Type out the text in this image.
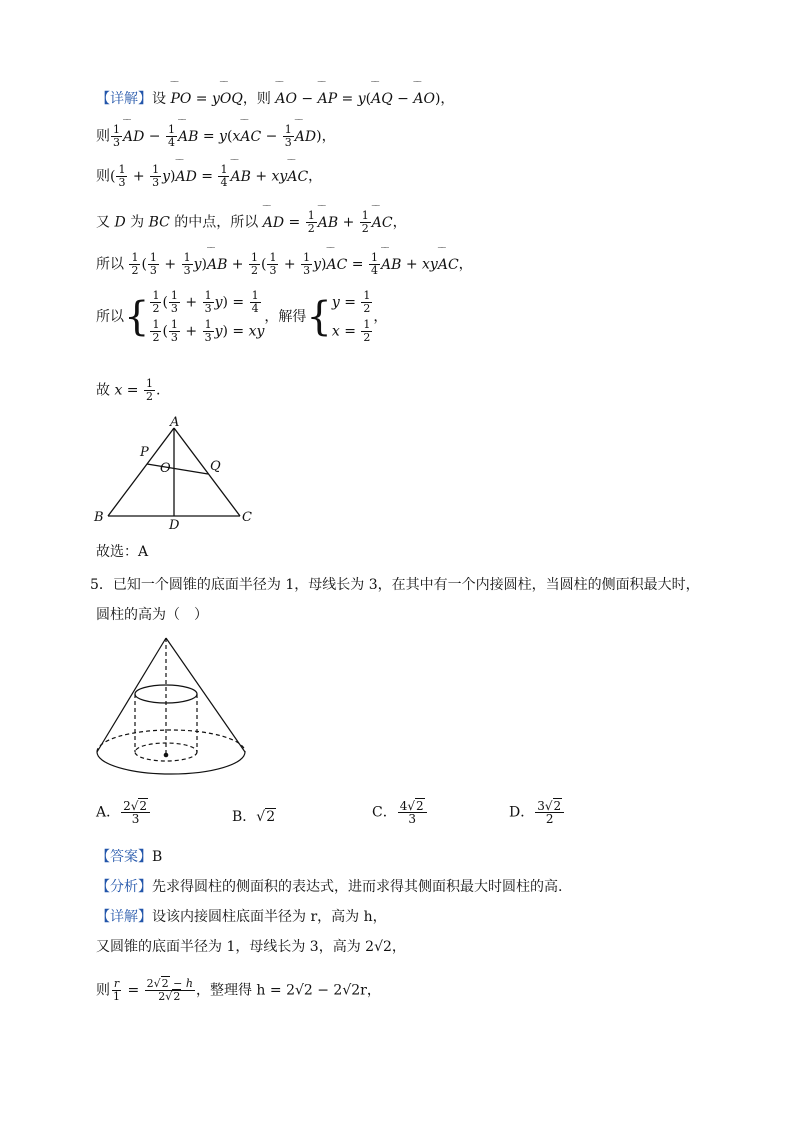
【详解】设 ‾‾ PO = y‾‾ OQ，则 ‾‾ AO − ‾‾ AP = y(‾‾ AQ − ‾‾ AO)，
则 $\frac{1}{3}$ ‾‾ AD − $\frac{1}{4}$ ‾‾ AB = y(x‾‾ AC − $\frac{1}{3}$ ‾‾ AD)，
则( $\frac{1}{3} + \frac{1}{3}$ y)‾‾ AD = $\frac{1}{4}$ ‾‾ AB + xy‾‾ AC，
又 D 为 BC 的中点，所以 ‾‾ AD = $\frac{1}{2}$ ‾‾ AB + $\frac{1}{2}$ ‾‾ AC，
所以 $\frac{1}{2}$ ( $\frac{1}{3} + \frac{1}{3}$ y)‾‾ AB + $\frac{1}{2}$ ( $\frac{1}{3} + \frac{1}{3}$ y)‾‾ AC = $\frac{1}{4}$ ‾‾ AB + xy‾‾ AC，
所以{ $\frac{1}{2}$ ( $\frac{1}{3} + \frac{1}{3} y) = \frac{1}{4}$
$\frac{1}{2}$ ( $\frac{1}{3} + \frac{1}{3} y$) = xy
，解得{ $y = \frac{1}{2}$
$x = \frac{1}{2}$
，
故 $x = \frac{1}{2}$ .
A
B	C
D
P
O	Q
故选：A
5．已知一个圆锥的底面半径为 1，母线长为 3，在其中有一个内接圆柱，当圆柱的侧面积最大时，
圆柱的高为（　）
A． $\frac{2√2}{3}$	B．√2	C． $\frac{4√2}{3}$	D． $\frac{3√2}{2}$
【答案】B
【分析】先求得圆柱的侧面积的表达式，进而求得其侧面积最大时圆柱的高.
【详解】设该内接圆柱底面半径为 r，高为 h，
又圆锥的底面半径为 1，母线长为 3，高为 2√2，
则 $\frac{r}{1} = \frac{2√2 - h}{2√2}$ ，整理得 h = 2√2 − 2√2r，
